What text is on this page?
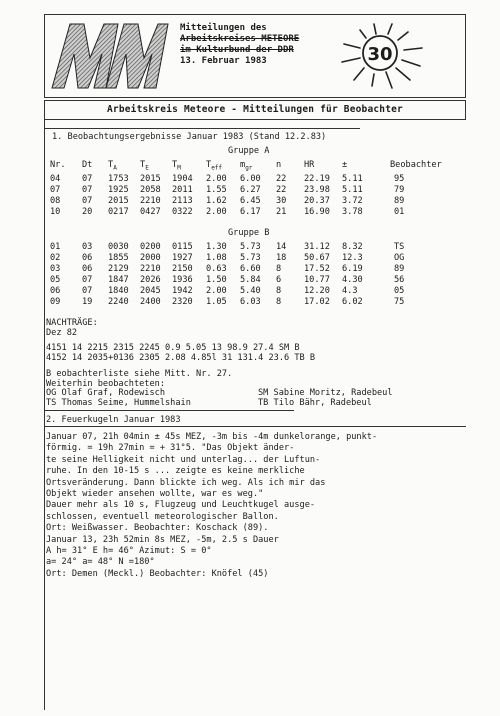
Mitteilungen des
Arbeitskreises METEORE
im Kulturbund der DDR
13. Februar 1983	30
Arbeitskreis Meteore - Mitteilungen für Beobachter
1. Beobachtungsergebnisse Januar 1983 (Stand 12.2.83)
Gruppe A
Nr. Dt $T_A$	$T_E$	$T_M$	$T_{eff}$ $m_{gr}$	n	HR	±	Beobachter
04	07 1753 2015 1904 2.00 6.00 22 22.19 5.11	95
07	07 1925 2058 2011 1.55 6.27 22 23.98 5.11	79
08	07 2015 2210 2113 1.62 6.45 30 20.37 3.72	89
10	20 0217 0427 0322 2.00 6.17 21 16.90 3.78	01
Gruppe B
01	03 0030 0200 0115 1.30 5.73 14 31.12 8.32	TS
02	06 1855 2000 1927 1.08 5.73 18 50.67 12.3	OG
03	06 2129 2210 2150 0.63 6.60 8	17.52 6.19	89
05	07 1847 2026 1936 1.50 5.84 6	10.77 4.30	56
06	07 1840 2045 1942 2.00 5.40 8	12.20 4.3	05
09	19 2240 2400 2320 1.05 6.03 8	17.02 6.02	75
NACHTRÄGE:
Dez 82
4151 14 2215 2315 2245 0.9 5.05 13 98.9 27.4 SM B
4152 14 2035+0136 2305 2.08 4.85l 31 131.4 23.6 TB B
B eobachterliste siehe Mitt. Nr. 27.
Weiterhin beobachteten:
OG Olaf Graf, Rodewisch
TS Thomas Seime, Hummelshain
SM Sabine Moritz, Radebeul
TB Tilo Bähr, Radebeul
2. Feuerkugeln Januar 1983
Januar 07, 21h 04min ± 45s MEZ, -3m bis -4m dunkelorange, punkt-
förmig. = 19h 27min = + 31°5. "Das Objekt änder-
te seine Helligkeit nicht und unterlag... der Luftun-
ruhe. In den 10-15 s ... zeigte es keine merkliche
Ortsveränderung. Dann blickte ich weg. Als ich mir das
Objekt wieder ansehen wollte, war es weg."
Dauer mehr als 10 s, Flugzeug und Leuchtkugel ausge-
schlossen, eventuell meteorologischer Ballon.
Ort: Weißwasser. Beobachter: Koschack (89).
Januar 13, 23h 52min 8s MEZ, -5m, 2.5 s Dauer
A h= 31° E h= 46° Azimut: S = 0°
a= 24° a= 48° N =180°
Ort: Demen (Meckl.) Beobachter: Knöfel (45)
